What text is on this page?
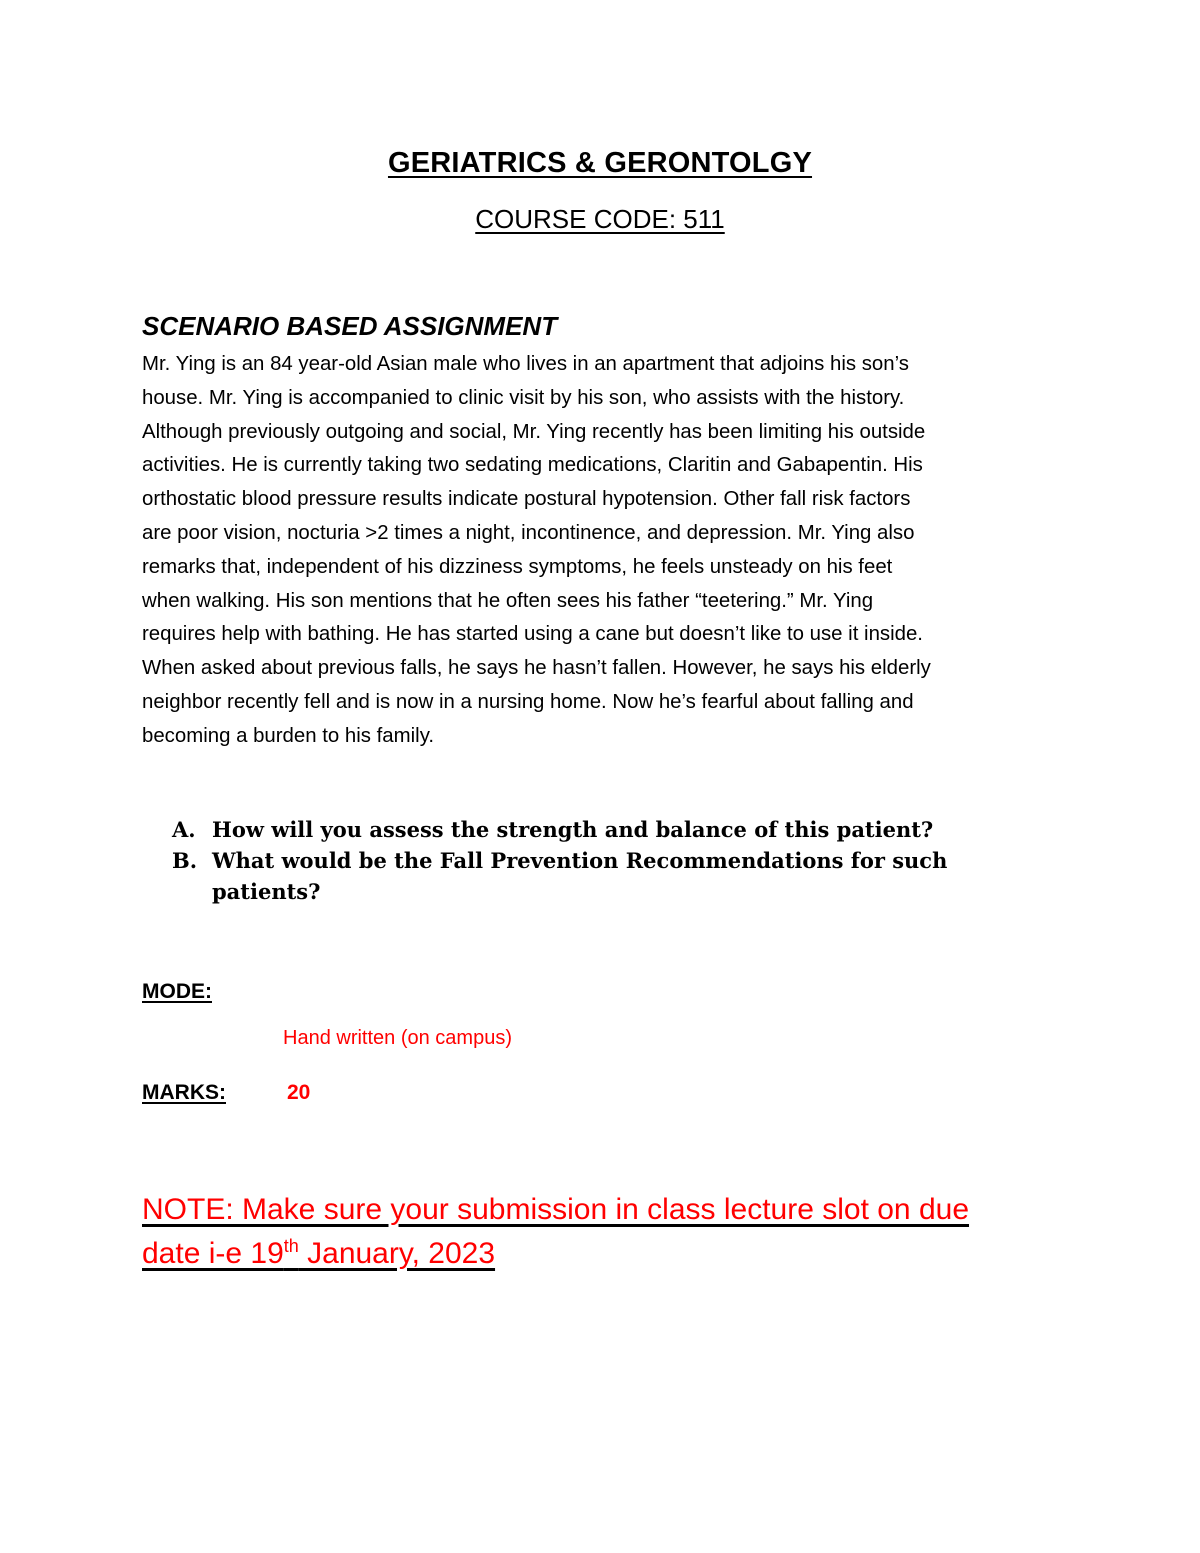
GERIATRICS & GERONTOLGY
COURSE CODE: 511
SCENARIO BASED ASSIGNMENT

Mr. Ying is an 84 year-old Asian male who lives in an apartment that adjoins his son’s
house. Mr. Ying is accompanied to clinic visit by his son, who assists with the history.
Although previously outgoing and social, Mr. Ying recently has been limiting his outside
activities. He is currently taking two sedating medications, Claritin and Gabapentin. His
orthostatic blood pressure results indicate postural hypotension. Other fall risk factors
are poor vision, nocturia >2 times a night, incontinence, and depression. Mr. Ying also
remarks that, independent of his dizziness symptoms, he feels unsteady on his feet
when walking. His son mentions that he often sees his father “teetering.” Mr. Ying
requires help with bathing. He has started using a cane but doesn’t like to use it inside.
When asked about previous falls, he says he hasn’t fallen. However, he says his elderly
neighbor recently fell and is now in a nursing home. Now he’s fearful about falling and
becoming a burden to his family.

A. How will you assess the strength and balance of this patient?
B. What would be the Fall Prevention Recommendations for such patients?
MODE:
Hand written (on campus)
MARKS:	20
NOTE: Make sure your submission in class lecture slot on due
date i-e 19th January, 2023
